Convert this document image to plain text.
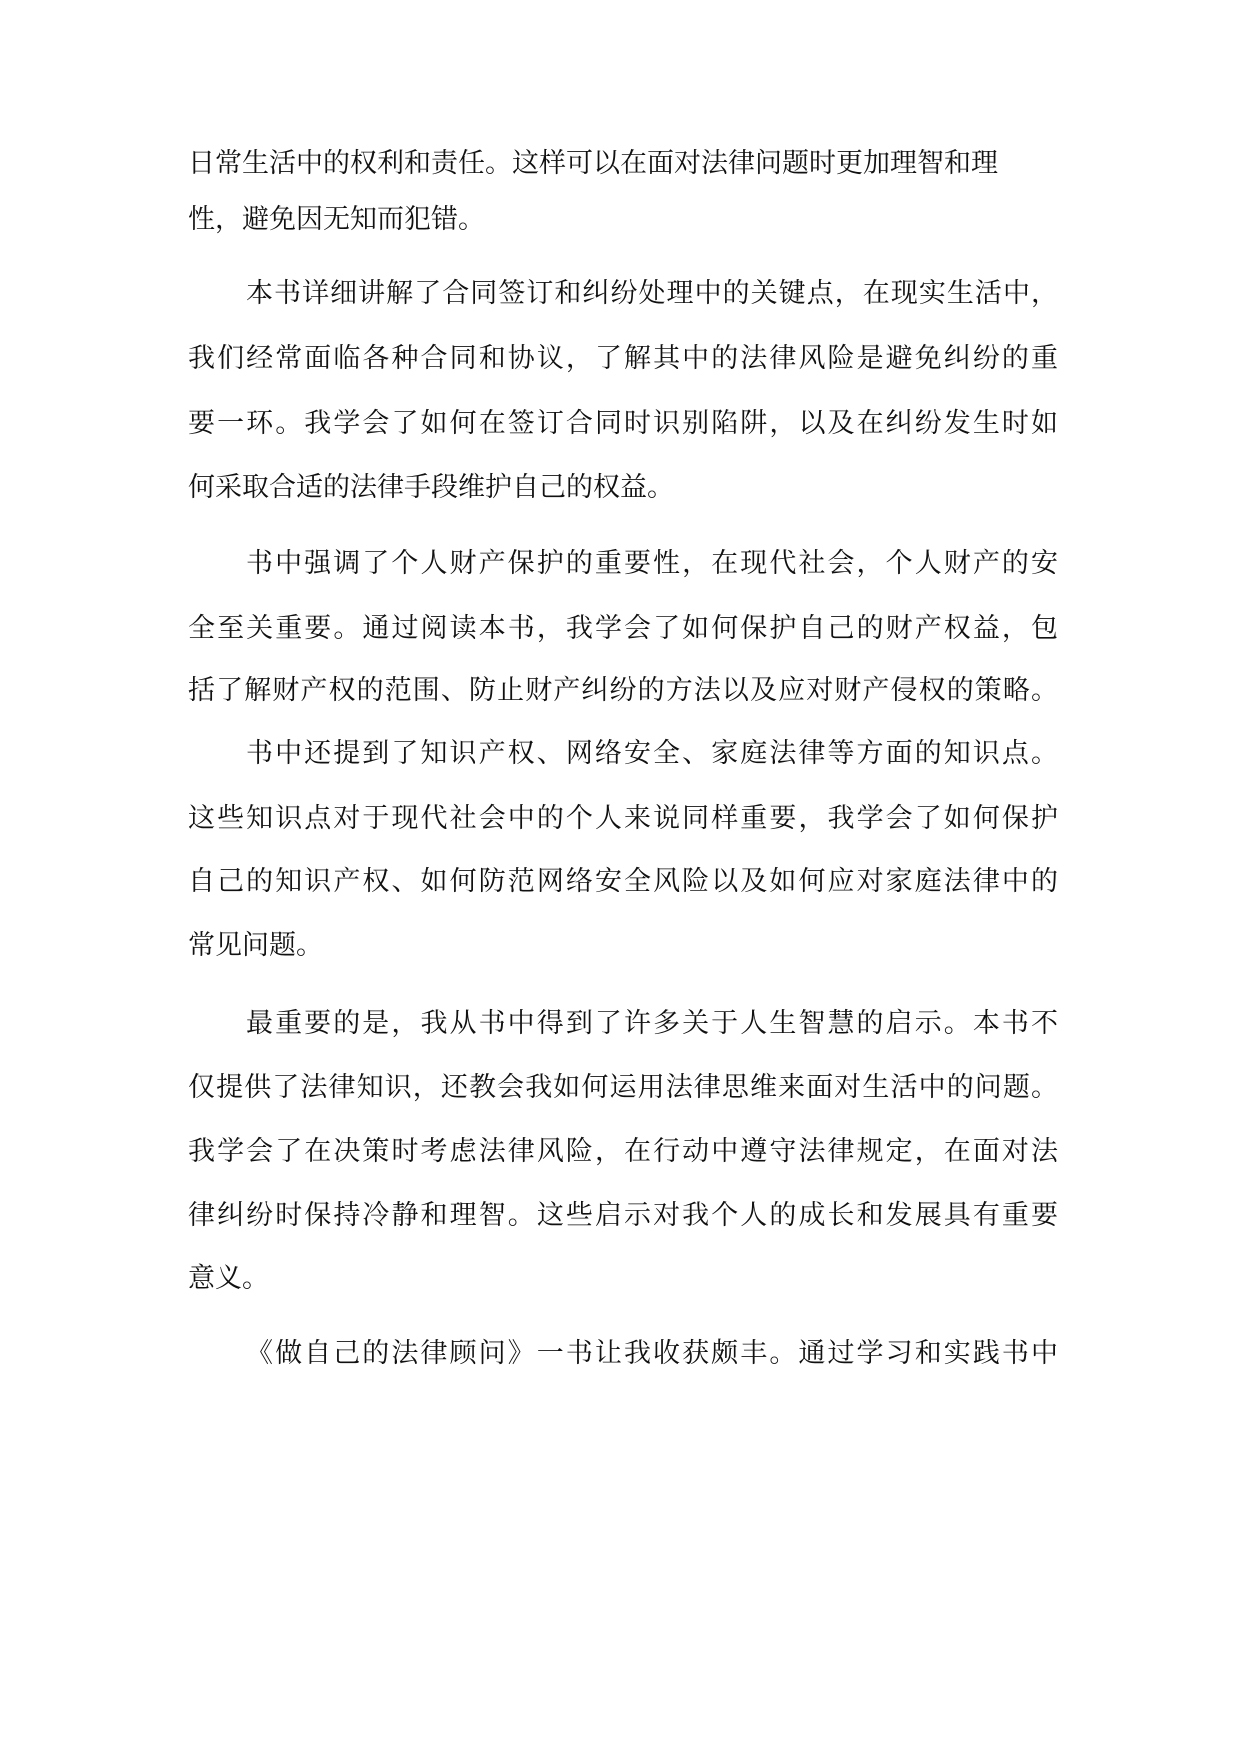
日常生活中的权利和责任。这样可以在面对法律问题时更加理智和理
性，避免因无知而犯错。
本书详细讲解了合同签订和纠纷处理中的关键点，在现实生活中，
我们经常面临各种合同和协议，了解其中的法律风险是避免纠纷的重
要一环。我学会了如何在签订合同时识别陷阱，以及在纠纷发生时如
何采取合适的法律手段维护自己的权益。
书中强调了个人财产保护的重要性，在现代社会，个人财产的安
全至关重要。通过阅读本书，我学会了如何保护自己的财产权益，包
括了解财产权的范围、防止财产纠纷的方法以及应对财产侵权的策略。
书中还提到了知识产权、网络安全、家庭法律等方面的知识点。
这些知识点对于现代社会中的个人来说同样重要，我学会了如何保护
自己的知识产权、如何防范网络安全风险以及如何应对家庭法律中的
常见问题。
最重要的是，我从书中得到了许多关于人生智慧的启示。本书不
仅提供了法律知识，还教会我如何运用法律思维来面对生活中的问题。
我学会了在决策时考虑法律风险，在行动中遵守法律规定，在面对法
律纠纷时保持冷静和理智。这些启示对我个人的成长和发展具有重要
意义。
《做自己的法律顾问》一书让我收获颇丰。通过学习和实践书中
